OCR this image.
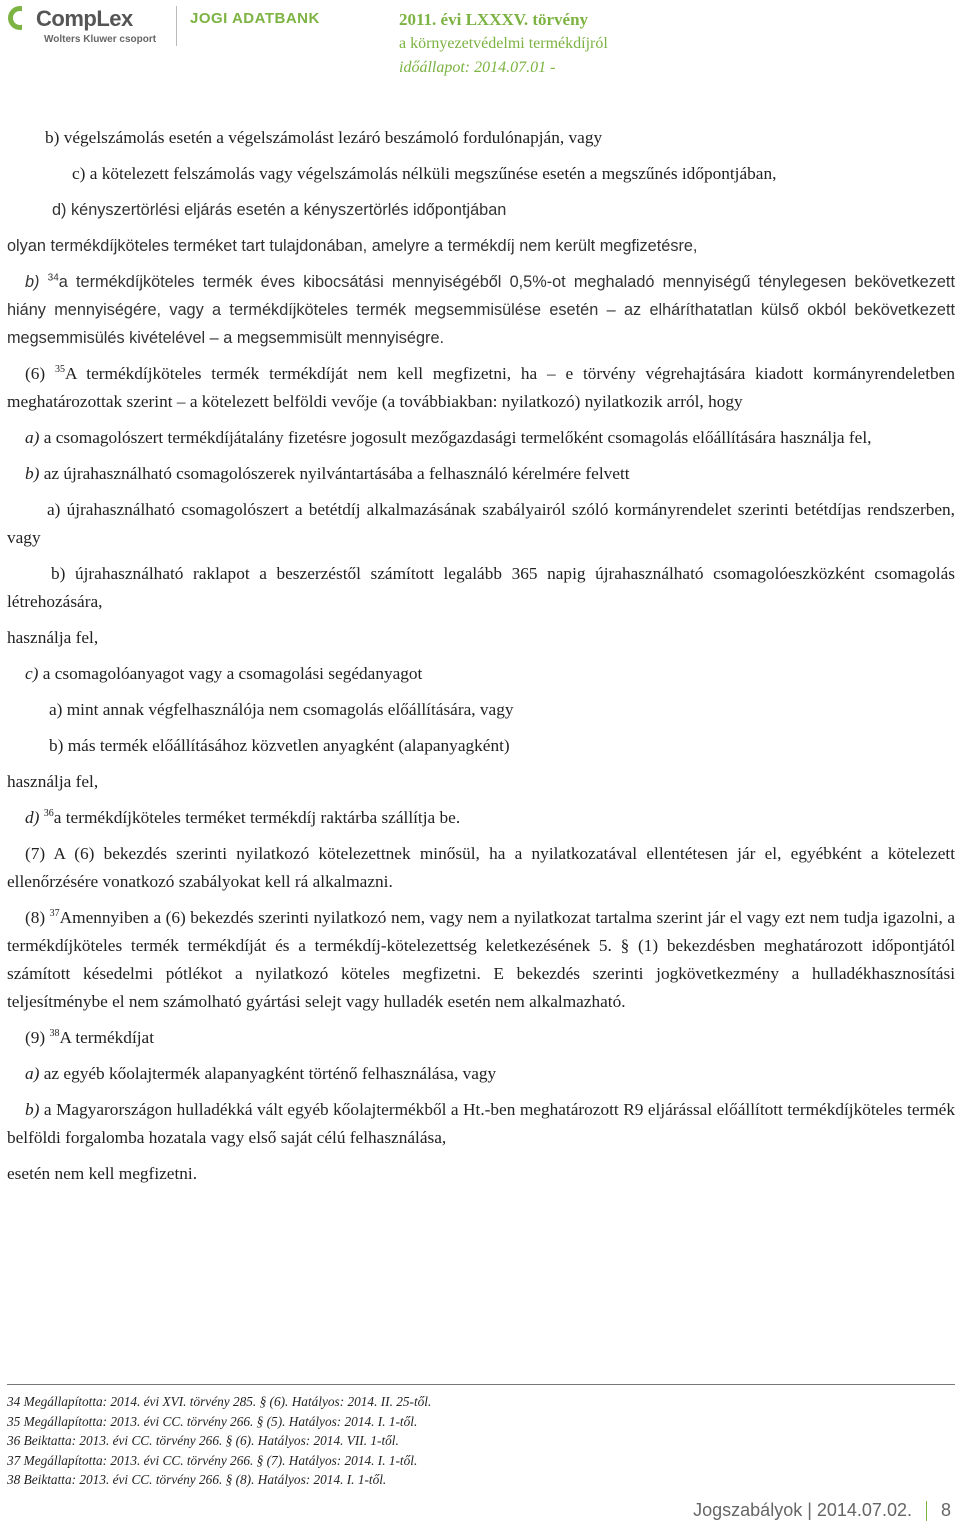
CompLex
Wolters Kluwer csoport
JOGI ADATBANK	2011. évi LXXXV. törvény
a környezetvédelmi termékdíjról
időállapot: 2014.07.01 -

b) végelszámolás esetén a végelszámolást lezáró beszámoló fordulónapján, vagy

c) a kötelezett felszámolás vagy végelszámolás nélküli megszűnése esetén a megszűnés időpontjában,

d) kényszertörlési eljárás esetén a kényszertörlés időpontjában

olyan termékdíjköteles terméket tart tulajdonában, amelyre a termékdíj nem került megfizetésre,

b) $^{34}$a termékdíjköteles termék éves kibocsátási mennyiségéből 0,5%-ot meghaladó mennyiségű ténylegesen bekövetkezett hiány mennyiségére, vagy a termékdíjköteles termék megsemmisülése esetén – az elháríthatatlan külső okból bekövetkezett megsemmisülés kivételével – a megsemmisült mennyiségre.

(6) $^{35}$A termékdíjköteles termék termékdíját nem kell megfizetni, ha – e törvény végrehajtására kiadott kormányrendeletben meghatározottak szerint – a kötelezett belföldi vevője (a továbbiakban: nyilatkozó) nyilatkozik arról, hogy

a) a csomagolószert termékdíjátalány fizetésre jogosult mezőgazdasági termelőként csomagolás előállítására használja fel,

b) az újrahasználható csomagolószerek nyilvántartásába a felhasználó kérelmére felvett

a) újrahasználható csomagolószert a betétdíj alkalmazásának szabályairól szóló kormányrendelet szerinti betétdíjas rendszerben, vagy

b) újrahasználható raklapot a beszerzéstől számított legalább 365 napig újrahasználható csomagolóeszközként csomagolás létrehozására,

használja fel,

c) a csomagolóanyagot vagy a csomagolási segédanyagot

a) mint annak végfelhasználója nem csomagolás előállítására, vagy

b) más termék előállításához közvetlen anyagként (alapanyagként)

használja fel,

d) $^{36}$a termékdíjköteles terméket termékdíj raktárba szállítja be.

(7) A (6) bekezdés szerinti nyilatkozó kötelezettnek minősül, ha a nyilatkozatával ellentétesen jár el, egyébként a kötelezett ellenőrzésére vonatkozó szabályokat kell rá alkalmazni.

(8) $^{37}$Amennyiben a (6) bekezdés szerinti nyilatkozó nem, vagy nem a nyilatkozat tartalma szerint jár el vagy ezt nem tudja igazolni, a termékdíjköteles termék termékdíját és a termékdíj-kötelezettség keletkezésének 5. § (1) bekezdésben meghatározott időpontjától számított késedelmi pótlékot a nyilatkozó köteles megfizetni. E bekezdés szerinti jogkövetkezmény a hulladékhasznosítási teljesítménybe el nem számolható gyártási selejt vagy hulladék esetén nem alkalmazható.

(9) $^{38}$A termékdíjat

a) az egyéb kőolajtermék alapanyagként történő felhasználása, vagy

b) a Magyarországon hulladékká vált egyéb kőolajtermékből a Ht.-ben meghatározott R9 eljárással előállított termékdíjköteles termék belföldi forgalomba hozatala vagy első saját célú felhasználása,

esetén nem kell megfizetni.

34 Megállapította: 2014. évi XVI. törvény 285. § (6). Hatályos: 2014. II. 25-től.
35 Megállapította: 2013. évi CC. törvény 266. § (5). Hatályos: 2014. I. 1-től.
36 Beiktatta: 2013. évi CC. törvény 266. § (6). Hatályos: 2014. VII. 1-től.
37 Megállapította: 2013. évi CC. törvény 266. § (7). Hatályos: 2014. I. 1-től.
38 Beiktatta: 2013. évi CC. törvény 266. § (8). Hatályos: 2014. I. 1-től.
Jogszabályok | 2014.07.02. 8
